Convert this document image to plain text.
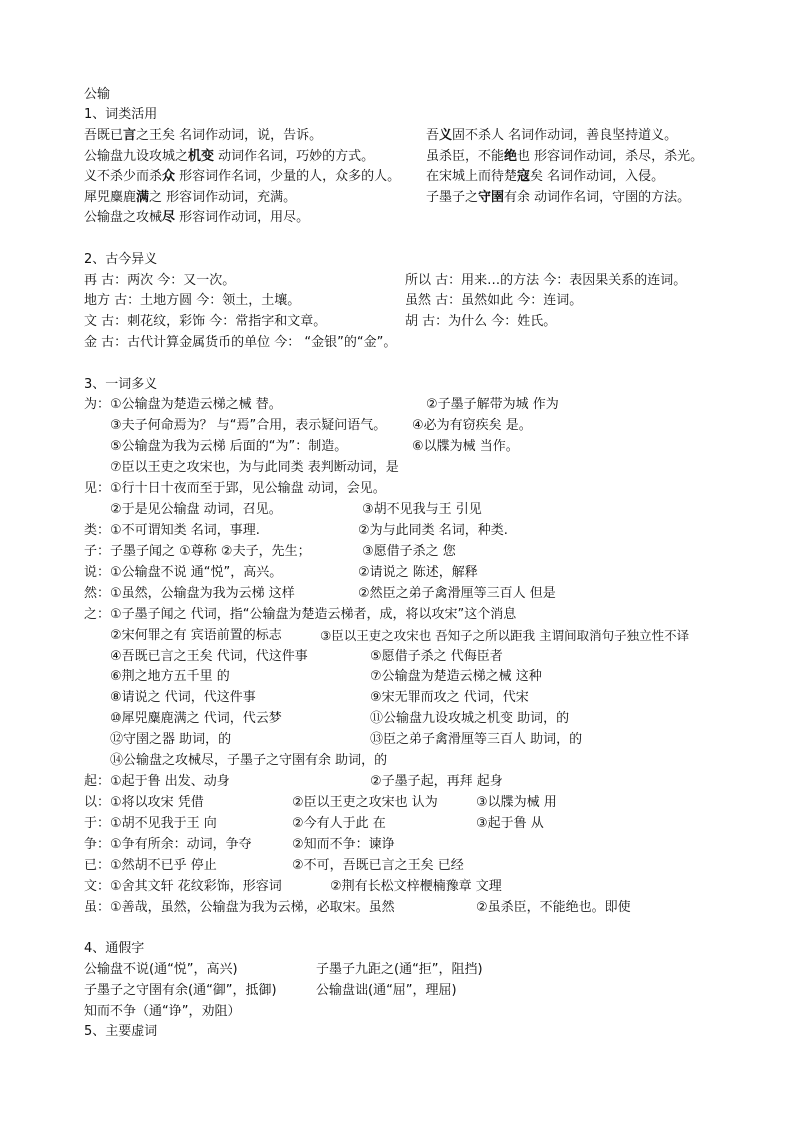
公输
1、词类活用
吾既已言之王矣 名词作动词，说，告诉。	吾义固不杀人 名词作动词，善良坚持道义。
公输盘九设攻城之机变 动词作名词，巧妙的方式。	虽杀臣，不能绝也 形容词作动词，杀尽，杀光。
义不杀少而杀众 形容词作名词，少量的人，众多的人。 在宋城上而待楚寇矣 名词作动词，入侵。
犀兕麋鹿满之 形容词作动词，充满。	子墨子之守圉有余 动词作名词，守圉的方法。
公输盘之攻械尽 形容词作动词，用尽。
2、古今异义
再 古：两次 今：又一次。	所以 古：用来…的方法 今：表因果关系的连词。
地方 古：土地方圆 今：领土，土壤。	虽然 古：虽然如此 今：连词。
文 古：刺花纹，彩饰 今：常指字和文章。	胡 古：为什么 今：姓氏。
金 古：古代计算金属货币的单位 今： “金银”的“金”。
3、一词多义
为：①公输盘为楚造云梯之械 替。	②子墨子解带为城 作为
③夫子何命焉为？ 与“焉”合用，表示疑问语气。 ④必为有窃疾矣 是。
⑤公输盘为我为云梯 后面的“为”：制造。	⑥以牒为械 当作。
⑦臣以王吏之攻宋也，为与此同类 表判断动词，是
见：①行十日十夜而至于郢，见公输盘 动词，会见。
②于是见公输盘 动词，召见。	③胡不见我与王 引见
类：①不可谓知类 名词，事理.	②为与此同类 名词，种类.
子：子墨子闻之 ①尊称 ②夫子，先生；	③愿借子杀之 您
说：①公输盘不说 通“悦”，高兴。	②请说之 陈述，解释
然：①虽然，公输盘为我为云梯 这样	②然臣之弟子禽滑厘等三百人 但是
之：①子墨子闻之 代词，指“公输盘为楚造云梯者，成，将以攻宋”这个消息
②宋何罪之有 宾语前置的标志	③臣以王吏之攻宋也 吾知子之所以距我 主谓间取消句子独立性不译
④吾既已言之王矣 代词，代这件事	⑤愿借子杀之 代侮臣者
⑥荆之地方五千里 的	⑦公输盘为楚造云梯之械 这种
⑧请说之 代词，代这件事	⑨宋无罪而攻之 代词，代宋
⑩犀兕麋鹿满之 代词，代云梦	⑪公输盘九设攻城之机变 助词，的
⑫守圉之器 助词，的	⑬臣之弟子禽滑厘等三百人 助词，的
⑭公输盘之攻械尽，子墨子之守圉有余 助词，的
起：①起于鲁 出发、动身	②子墨子起，再拜 起身
以：①将以攻宋 凭借	②臣以王吏之攻宋也 认为	③以牒为械 用
于：①胡不见我于王 向	②今有人于此 在	③起于鲁 从
争：①争有所余：动词，争夺	②知而不争：谏诤
已：①然胡不已乎 停止	②不可，吾既已言之王矣 已经
文：①舍其文轩 花纹彩饰，形容词	②荆有长松文梓楩楠豫章 文理
虽：①善哉，虽然，公输盘为我为云梯，必取宋。虽然	②虽杀臣，不能绝也。即使
4、通假字
公输盘不说(通“悦”，高兴)	子墨子九距之(通“拒”，阻挡)
子墨子之守圉有余(通“御”，抵御)	公输盘诎(通“屈”，理屈)
知而不争（通“诤”，劝阻）
5、主要虚词
